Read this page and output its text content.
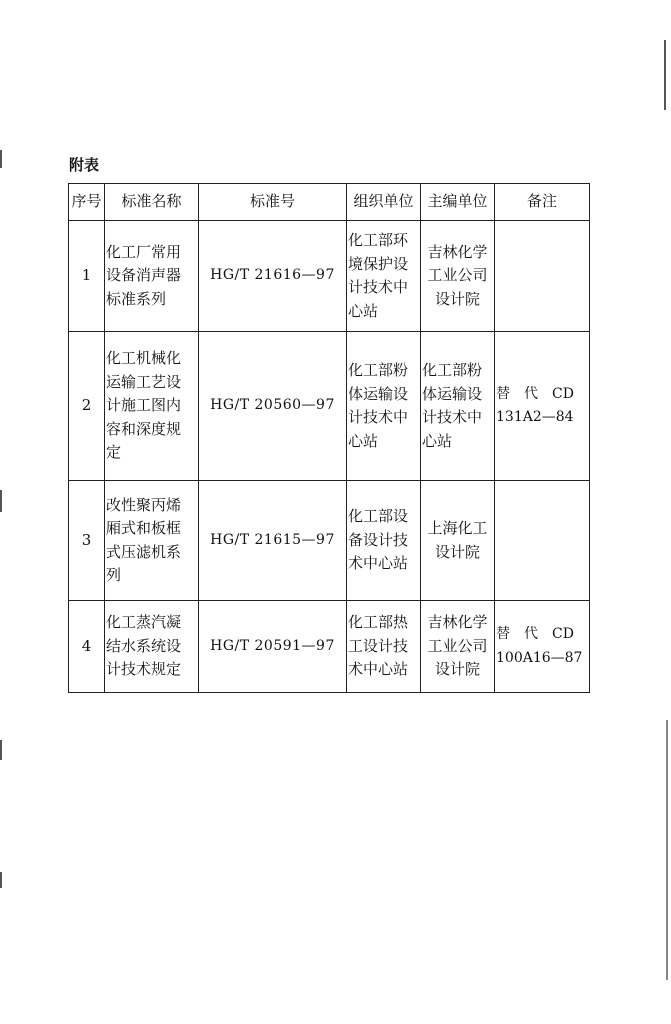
附表
序号	标准名称	标准号	组织单位	主编单位	备注
1	化工厂常用
设备消声器
标准系列	HG/T 21616—97	化工部环
境保护设
计技术中
心站	吉林化学
工业公司
设计院	

2	化工机械化
运输工艺设
计施工图内
容和深度规
定	HG/T 20560—97	化工部粉
体运输设
计技术中
心站	化工部粉
体运输设
计技术中
心站	替　代　CD
131A2—84

3	改性聚丙烯
厢式和板框
式压滤机系
列	HG/T 21615—97	化工部设
备设计技
术中心站	上海化工
设计院	

4	化工蒸汽凝
结水系统设
计技术规定	HG/T 20591—97	化工部热
工设计技
术中心站	吉林化学
工业公司
设计院	替　代　CD
100A16—87
